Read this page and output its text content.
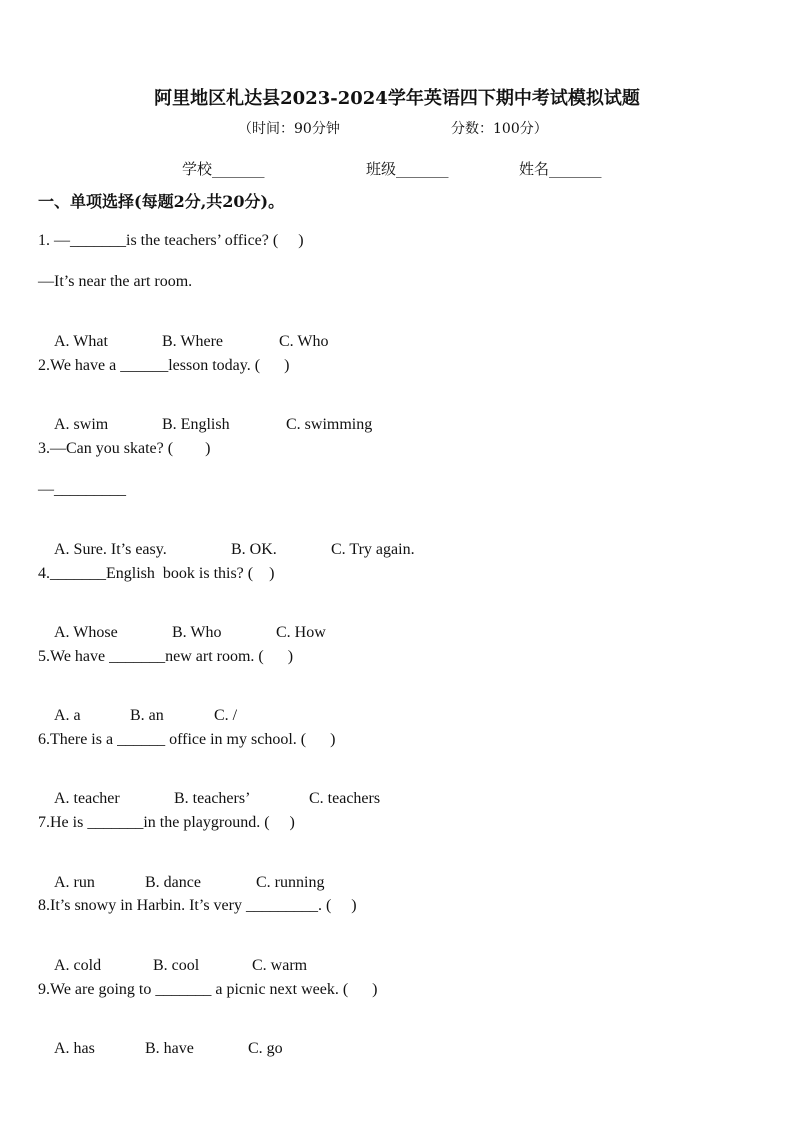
阿里地区札达县2023-2024学年英语四下期中考试模拟试题
（时间：90分钟	分数：100分）
学校_______	班级_______	姓名_______
一、单项选择(每题2分,共20分)。
1. —_______is the teachers’ office? (     )
—It’s near the art room.

A. What	B. Where	C. Who

2.We have a ______lesson today. (      )

A. swim	B. English	C. swimming

3.—Can you skate? (        )
—_________

A. Sure. It’s easy.	B. OK.	C. Try again.

4._______English  book is this? (    )

A. Whose	B. Who	C. How

5.We have _______new art room. (      )

A. a	B. an	C. /

6.There is a ______ office in my school. (      )

A. teacher	B. teachers’	C. teachers

7.He is _______in the playground. (     )

A. run	B. dance	C. running

8.It’s snowy in Harbin. It’s very _________. (     )

A. cold	B. cool	C. warm

9.We are going to _______ a picnic next week. (      )

A. has	B. have	C. go
